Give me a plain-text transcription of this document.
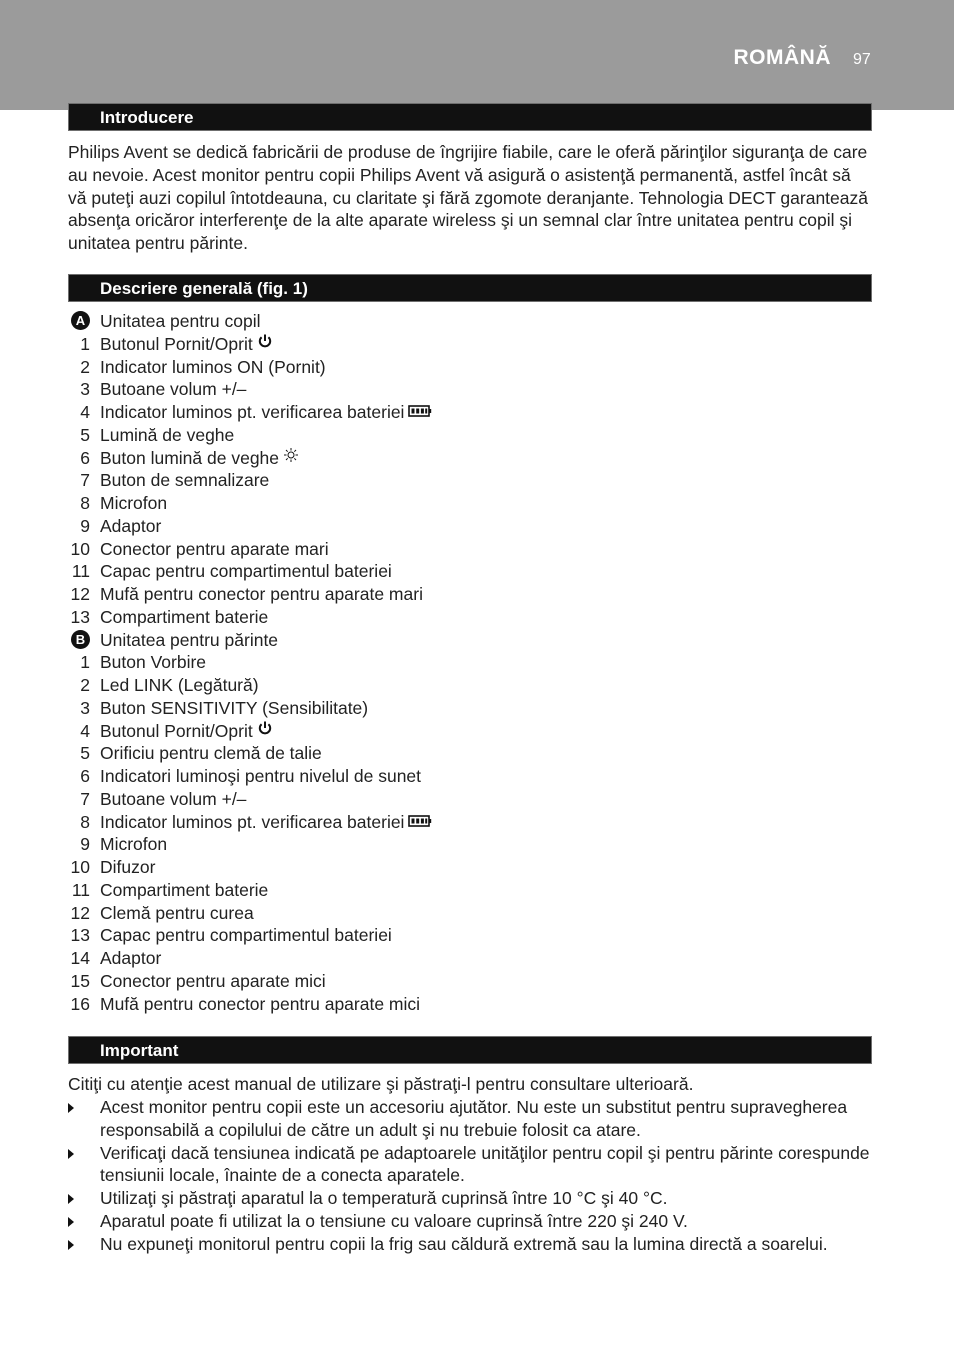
ROMÂNĂ 97
Introducere

Philips Avent se dedică fabricării de produse de îngrijire fiabile, care le oferă părinţilor siguranţa de care au nevoie. Acest monitor pentru copii Philips Avent vă asigură o asistenţă permanentă, astfel încât să vă puteţi auzi copilul întotdeauna, cu claritate şi fără zgomote deranjante. Tehnologia DECT garantează absenţa oricăror interferenţe de la alte aparate wireless şi un semnal clar între unitatea pentru copil şi unitatea pentru părinte.

Descriere generală (fig. 1)
A Unitatea pentru copil
1 Butonul Pornit/Oprit
2 Indicator luminos ON (Pornit)
3 Butoane volum +/–
4 Indicator luminos pt. verificarea bateriei
5 Lumină de veghe
6 Buton lumină de veghe
7 Buton de semnalizare
8 Microfon
9 Adaptor
10 Conector pentru aparate mari
11 Capac pentru compartimentul bateriei
12 Mufă pentru conector pentru aparate mari
13 Compartiment baterie
B Unitatea pentru părinte
1 Buton Vorbire
2 Led LINK (Legătură)
3 Buton SENSITIVITY (Sensibilitate)
4 Butonul Pornit/Oprit
5 Orificiu pentru clemă de talie
6 Indicatori luminoşi pentru nivelul de sunet
7 Butoane volum +/–
8 Indicator luminos pt. verificarea bateriei
9 Microfon
10 Difuzor
11 Compartiment baterie
12 Clemă pentru curea
13 Capac pentru compartimentul bateriei
14 Adaptor
15 Conector pentru aparate mici
16 Mufă pentru conector pentru aparate mici
Important

Citiţi cu atenţie acest manual de utilizare şi păstraţi-l pentru consultare ulterioară.

Acest monitor pentru copii este un accesoriu ajutător. Nu este un substitut pentru supravegherea responsabilă a copilului de către un adult şi nu trebuie folosit ca atare.
Verificaţi dacă tensiunea indicată pe adaptoarele unităţilor pentru copil şi pentru părinte corespunde tensiunii locale, înainte de a conecta aparatele.
Utilizaţi şi păstraţi aparatul la o temperatură cuprinsă între 10 °C şi 40 °C.
Aparatul poate fi utilizat la o tensiune cu valoare cuprinsă între 220 şi 240 V.
Nu expuneţi monitorul pentru copii la frig sau căldură extremă sau la lumina directă a soarelui.
